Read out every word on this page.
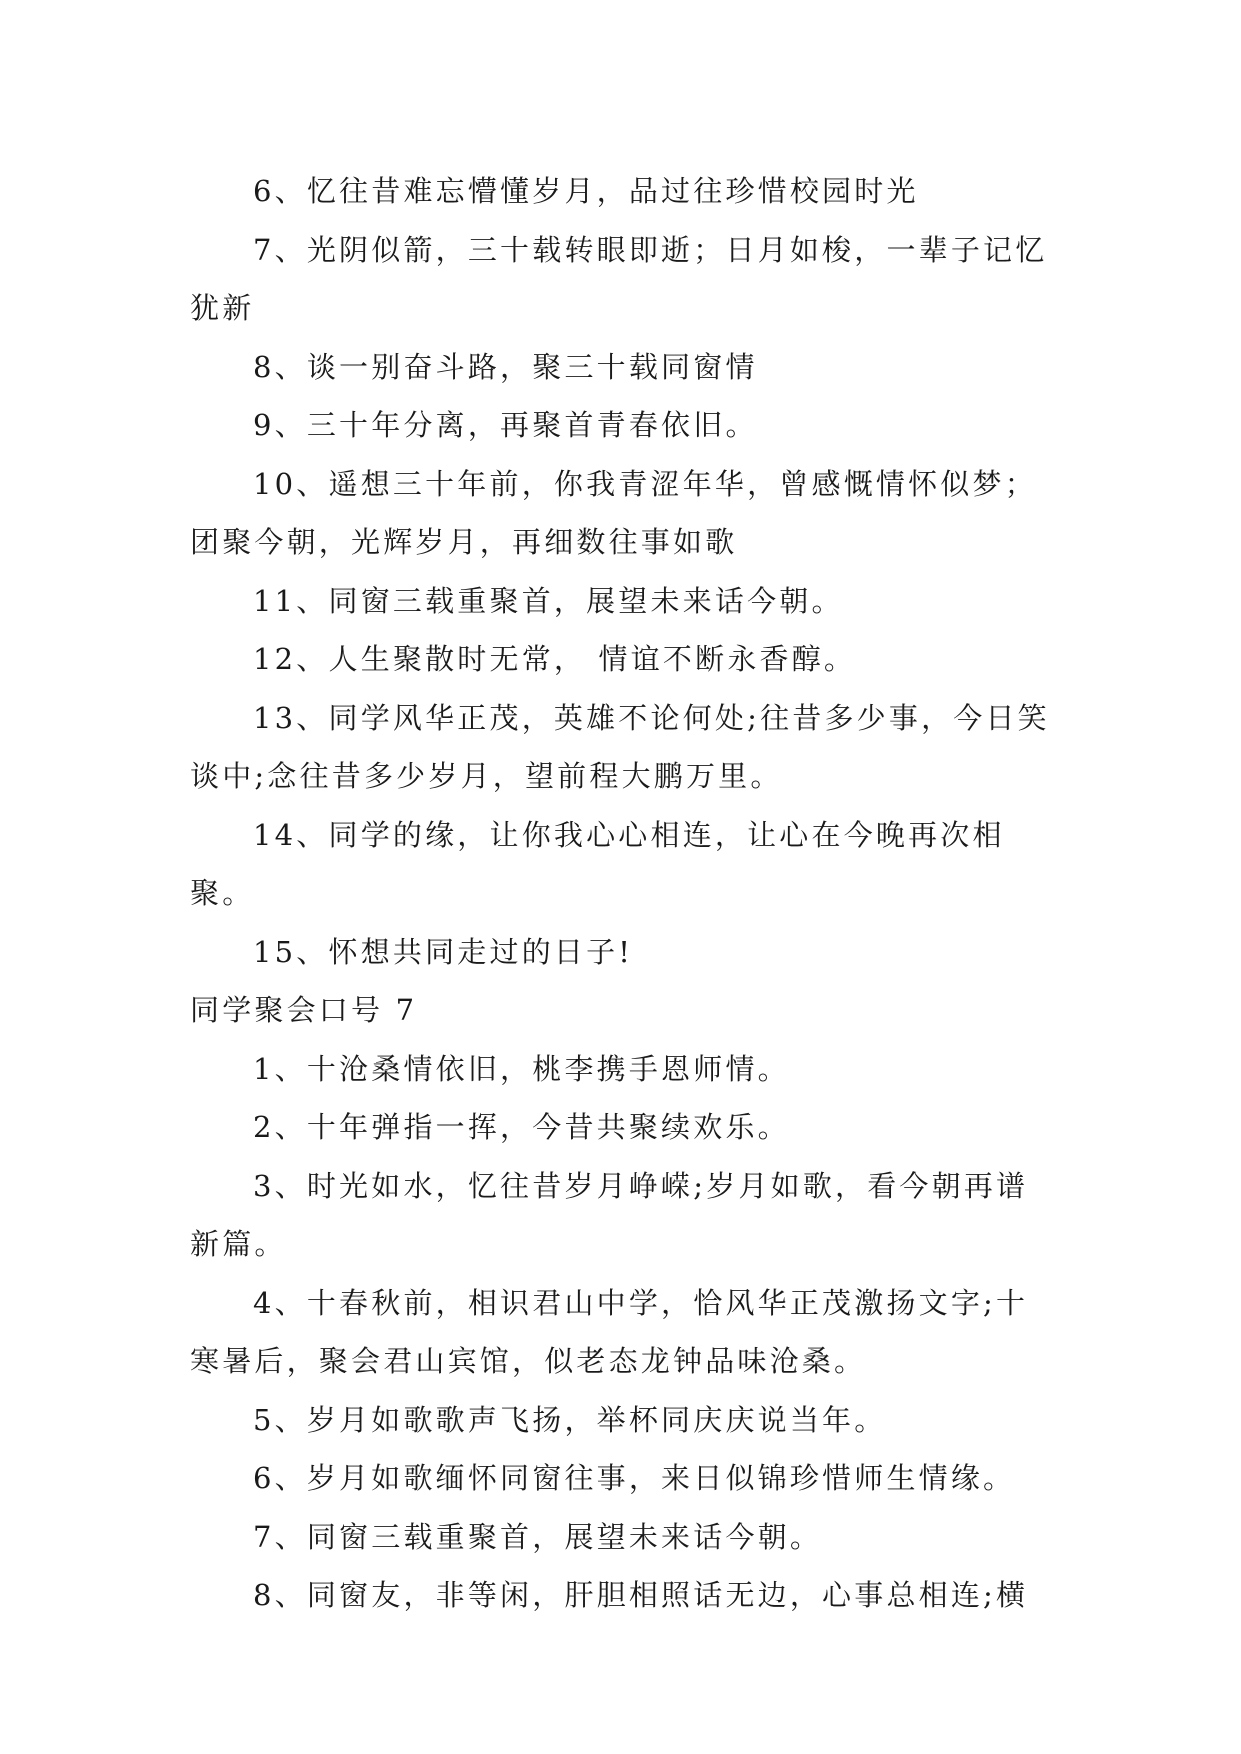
6、忆往昔难忘懵懂岁月，品过往珍惜校园时光

7、光阴似箭，三十载转眼即逝；日月如梭，一辈子记忆犹新

8、谈一别奋斗路，聚三十载同窗情

9、三十年分离，再聚首青春依旧。

10、遥想三十年前，你我青涩年华，曾感慨情怀似梦；团聚今朝，光辉岁月，再细数往事如歌

11、同窗三载重聚首，展望未来话今朝。

12、人生聚散时无常， 情谊不断永香醇。

13、同学风华正茂，英雄不论何处;往昔多少事，今日笑谈中;念往昔多少岁月，望前程大鹏万里。

14、同学的缘，让你我心心相连，让心在今晚再次相聚。

15、怀想共同走过的日子!

同学聚会口号 7

1、十沧桑情依旧，桃李携手恩师情。

2、十年弹指一挥，今昔共聚续欢乐。

3、时光如水，忆往昔岁月峥嵘;岁月如歌，看今朝再谱新篇。

4、十春秋前，相识君山中学，恰风华正茂激扬文字;十寒暑后，聚会君山宾馆，似老态龙钟品味沧桑。

5、岁月如歌歌声飞扬，举杯同庆庆说当年。

6、岁月如歌缅怀同窗往事，来日似锦珍惜师生情缘。

7、同窗三载重聚首，展望未来话今朝。

8、同窗友，非等闲，肝胆相照话无边，心事总相连;横
